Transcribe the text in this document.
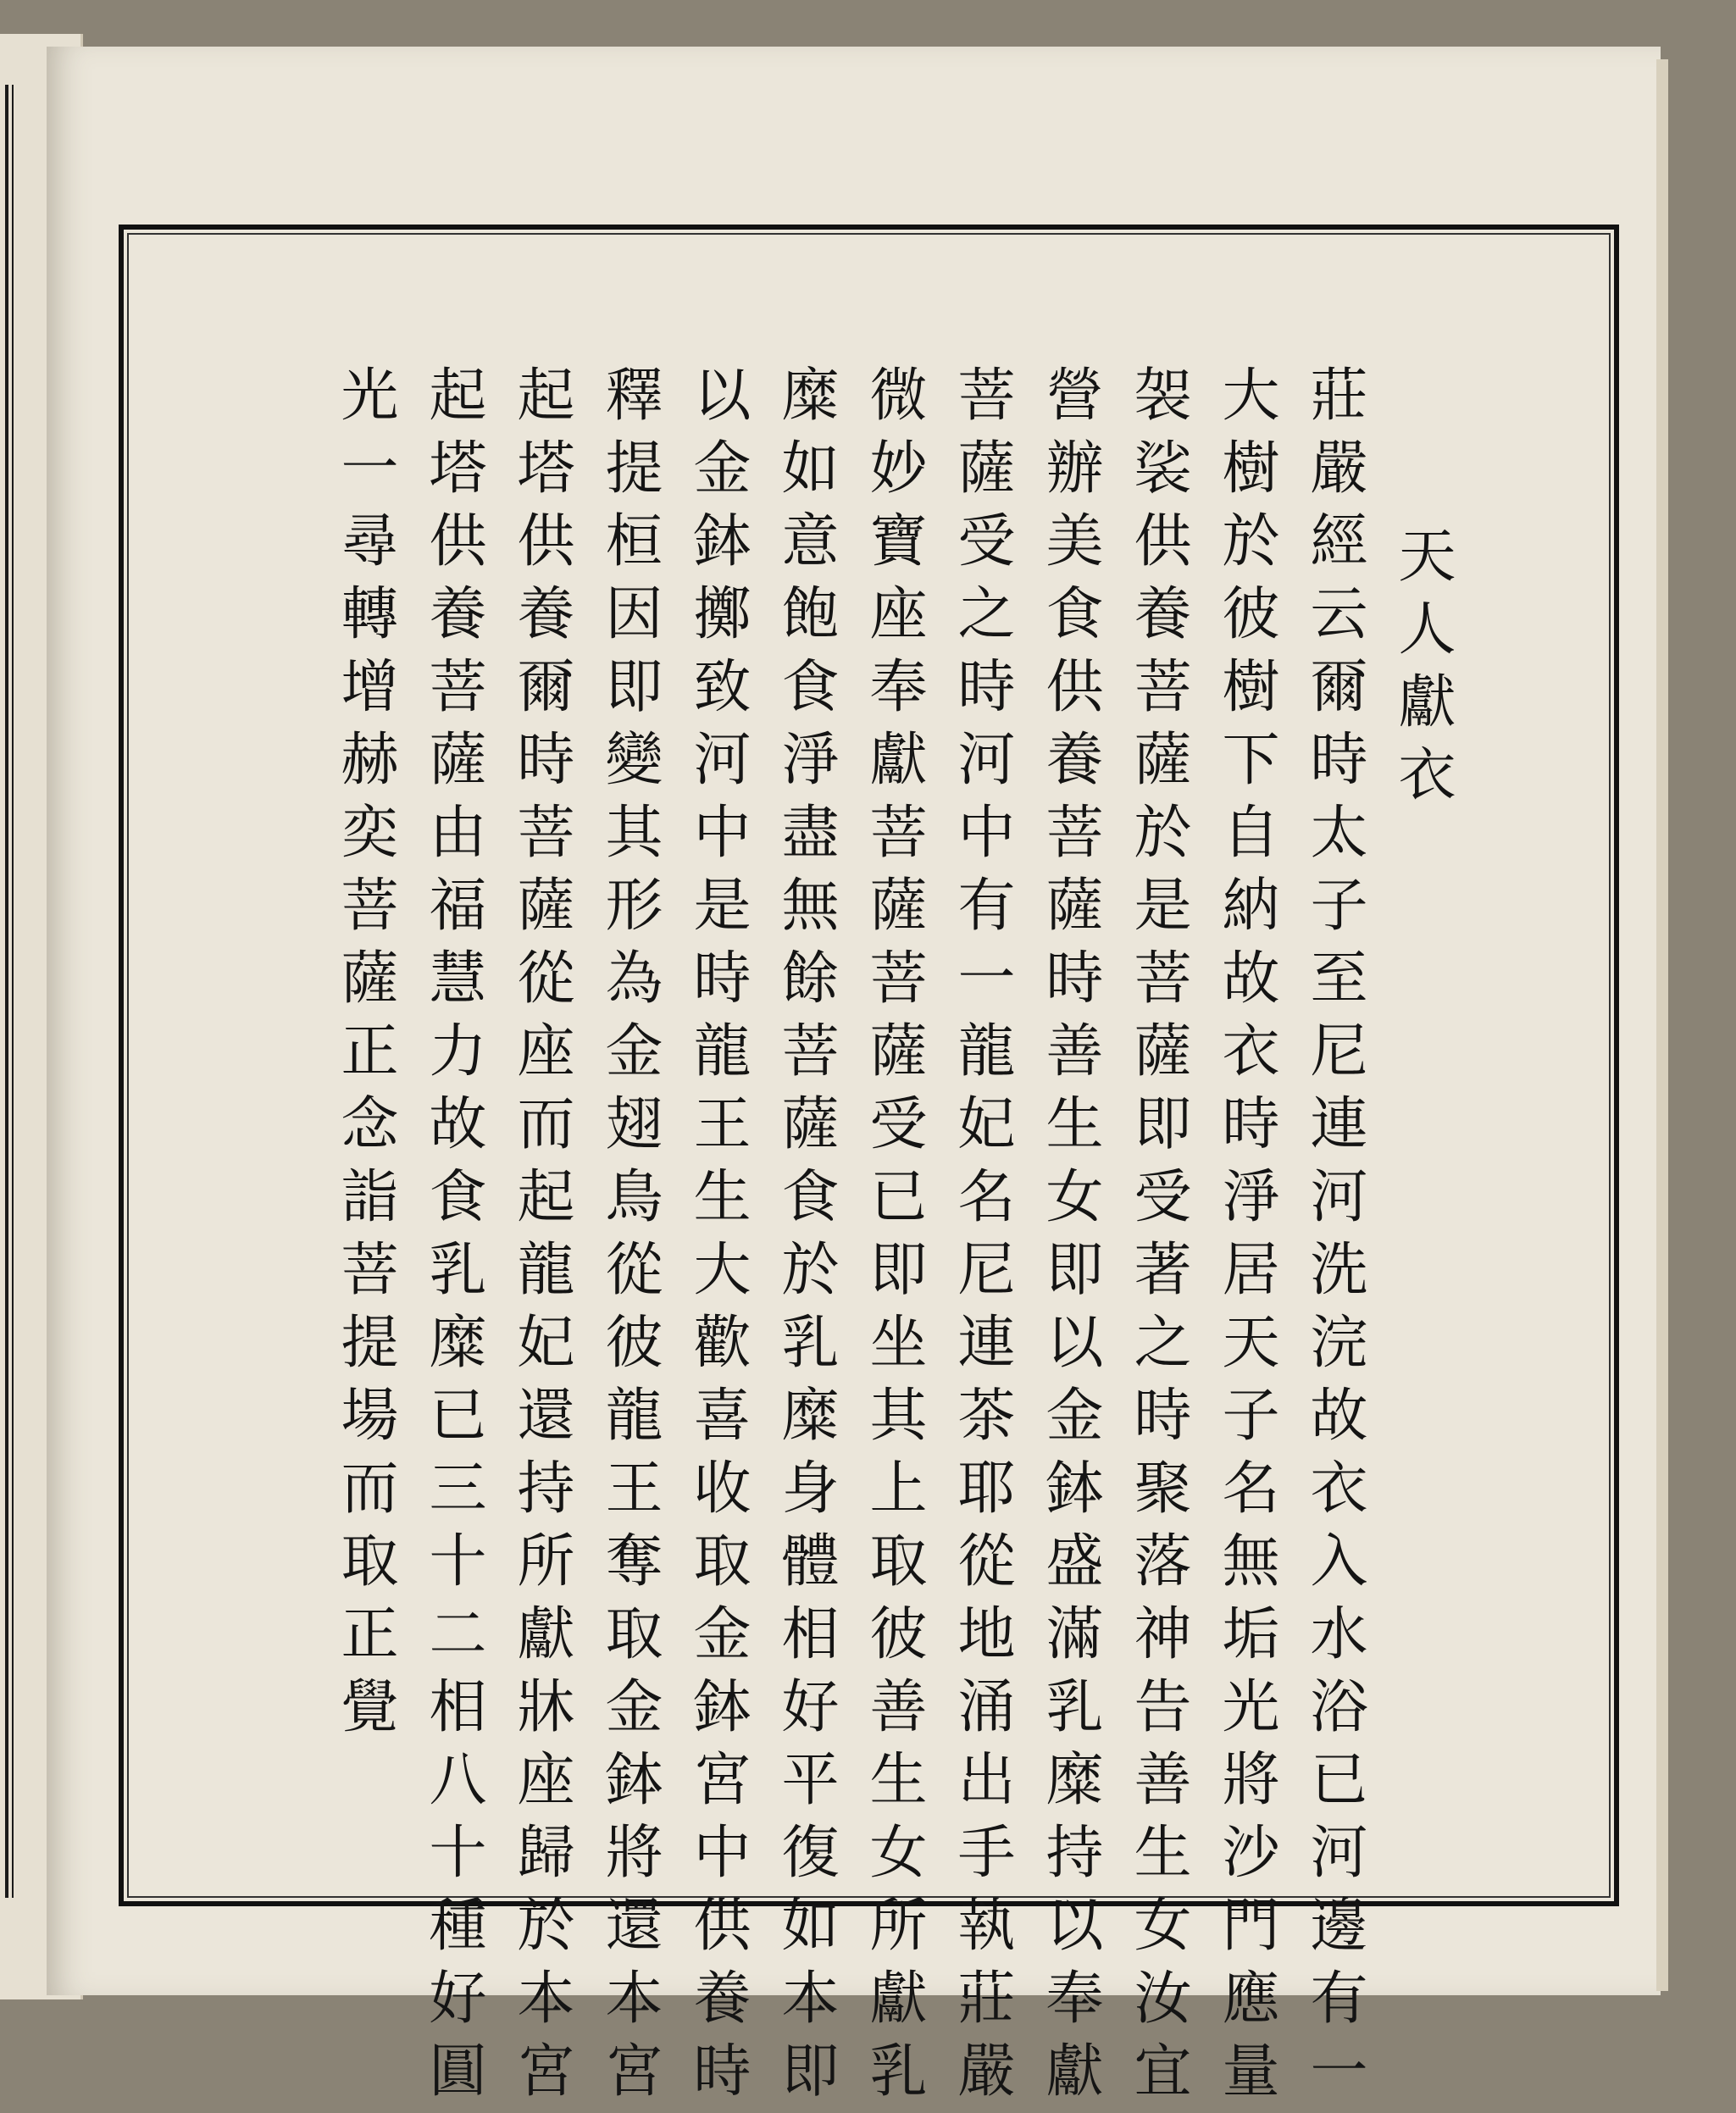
天人獻衣
莊嚴經云爾時太子至尼連河洗浣故衣入水浴已河邊有一
大樹於彼樹下自納故衣時淨居天子名無垢光將沙門應量
袈裟供養菩薩於是菩薩即受著之時聚落神告善生女汝宜
營辦美食供養菩薩時善生女即以金鉢盛滿乳糜持以奉獻
菩薩受之時河中有一龍妃名尼連茶耶從地涌出手執莊嚴
微妙寶座奉獻菩薩菩薩受已即坐其上取彼善生女所獻乳
糜如意飽食淨盡無餘菩薩食於乳糜身體相好平復如本即
以金鉢擲致河中是時龍王生大歡喜收取金鉢宮中供養時
釋提桓因即變其形為金翅鳥從彼龍王奪取金鉢將還本宮
起塔供養爾時菩薩從座而起龍妃還持所獻牀座歸於本宮
起塔供養菩薩由福慧力故食乳糜已三十二相八十種好圓
光一尋轉增赫奕菩薩正念詣菩提場而取正覺
